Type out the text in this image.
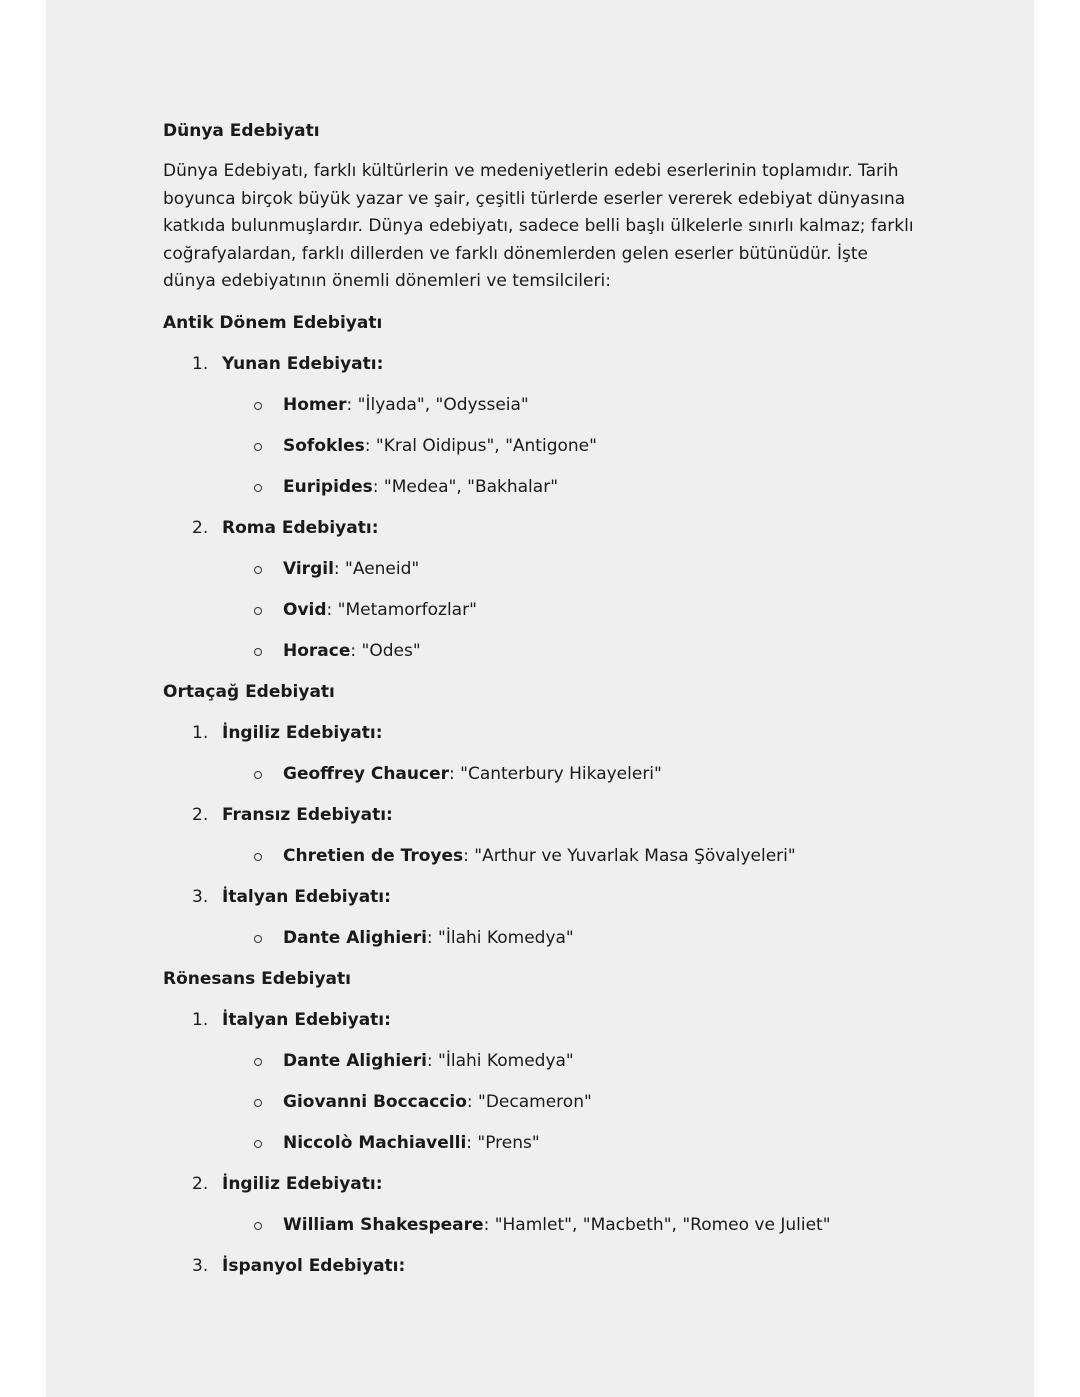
Dünya Edebiyatı
Dünya Edebiyatı, farklı kültürlerin ve medeniyetlerin edebi eserlerinin toplamıdır. Tarih boyunca birçok büyük yazar ve şair, çeşitli türlerde eserler vererek edebiyat dünyasına katkıda bulunmuşlardır. Dünya edebiyatı, sadece belli başlı ülkelerle sınırlı kalmaz; farklı coğrafyalardan, farklı dillerden ve farklı dönemlerden gelen eserler bütünüdür. İşte dünya edebiyatının önemli dönemleri ve temsilcileri:
Antik Dönem Edebiyatı
1. Yunan Edebiyatı:
Homer: "İlyada", "Odysseia"
Sofokles: "Kral Oidipus", "Antigone"
Euripides: "Medea", "Bakhalar"
2. Roma Edebiyatı:
Virgil: "Aeneid"
Ovid: "Metamorfozlar"
Horace: "Odes"
Ortaçağ Edebiyatı
1. İngiliz Edebiyatı:
Geoffrey Chaucer: "Canterbury Hikayeleri"
2. Fransız Edebiyatı:
Chretien de Troyes: "Arthur ve Yuvarlak Masa Şövalyeleri"
3. İtalyan Edebiyatı:
Dante Alighieri: "İlahi Komedya"
Rönesans Edebiyatı
1. İtalyan Edebiyatı:
Dante Alighieri: "İlahi Komedya"
Giovanni Boccaccio: "Decameron"
Niccolò Machiavelli: "Prens"
2. İngiliz Edebiyatı:
William Shakespeare: "Hamlet", "Macbeth", "Romeo ve Juliet"
3. İspanyol Edebiyatı:
